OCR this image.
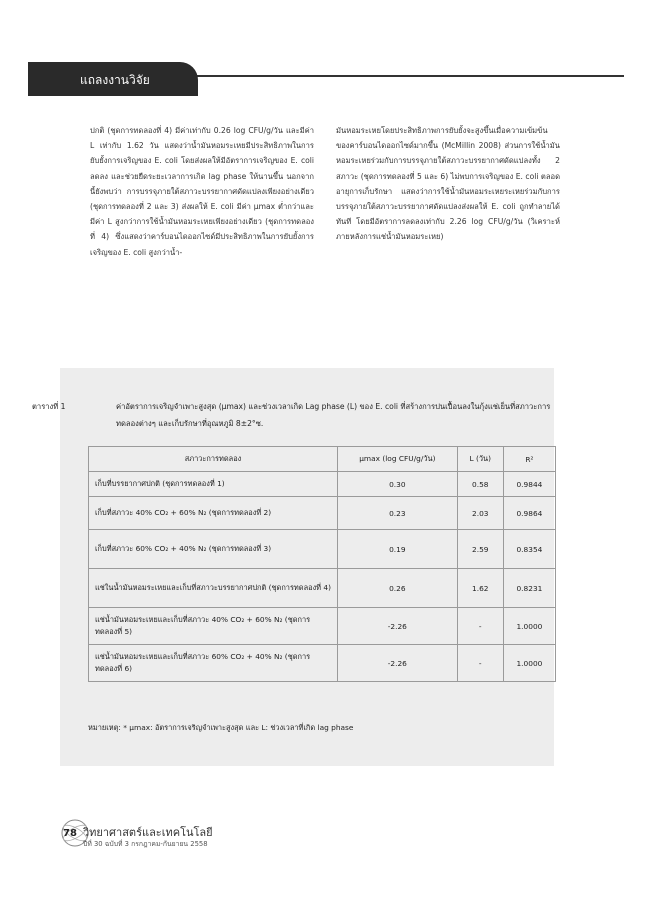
แถลงงานวิจัย
ปกติ (ชุดการทดลองที่ 4) มีค่าเท่ากับ 0.26 log CFU/g/วัน และมีค่า L เท่ากับ 1.62 วัน แสดงว่าน้ำมันหอมระเหยมีประสิทธิภาพในการยับยั้งการเจริญของ E. coli โดยส่งผลให้มีอัตราการเจริญของ E. coli ลดลง และช่วยยืดระยะเวลาการเกิด lag phase ให้นานขึ้น นอกจากนี้ยังพบว่า การบรรจุภายใต้สภาวะบรรยากาศดัดแปลงเพียงอย่างเดียว (ชุดการทดลองที่ 2 และ 3) ส่งผลให้ E. coli มีค่า μmax ต่ำกว่าและมีค่า L สูงกว่าการใช้น้ำมันหอมระเหยเพียงอย่างเดียว (ชุดการทดลองที่ 4) ซึ่งแสดงว่าคาร์บอนไดออกไซด์มีประสิทธิภาพในการยับยั้งการเจริญของ E. coli สูงกว่าน้ำ-
มันหอมระเหยโดยประสิทธิภาพการยับยั้งจะสูงขึ้นเมื่อความเข้มข้นของคาร์บอนไดออกไซด์มากขึ้น (McMillin 2008) ส่วนการใช้น้ำมันหอมระเหยร่วมกับการบรรจุภายใต้สภาวะบรรยากาศดัดแปลงทั้ง 2 สภาวะ (ชุดการทดลองที่ 5 และ 6) ไม่พบการเจริญของ E. coli ตลอดอายุการเก็บรักษา แสดงว่าการใช้น้ำมันหอมระเหยระเหยร่วมกับการบรรจุภายใต้สภาวะบรรยากาศดัดแปลงส่งผลให้ E. coli ถูกทำลายได้ทันที โดยมีอัตราการลดลงเท่ากับ 2.26 log CFU/g/วัน (วิเคราะห์ภายหลังการแช่น้ำมันหอมระเหย)
ตารางที่ 1	ค่าอัตราการเจริญจำเพาะสูงสุด (μmax) และช่วงเวลาเกิด Lag phase (L) ของ E. coli ที่สร้างการปนเปื้อนลงในกุ้งแช่เย็นที่สภาวะการทดลองต่างๆ และเก็บรักษาที่อุณหภูมิ 8±2°ซ.
สภาวะการทดลอง	μmax (log CFU/g/วัน)	L (วัน)	R²
เก็บที่บรรยากาศปกติ (ชุดการทดลองที่ 1)	0.30	0.58	0.9844
เก็บที่สภาวะ 40% CO₂ + 60% N₂ (ชุดการทดลองที่ 2)	0.23	2.03	0.9864
เก็บที่สภาวะ 60% CO₂ + 40% N₂ (ชุดการทดลองที่ 3)	0.19	2.59	0.8354
แช่ในน้ำมันหอมระเหยและเก็บที่สภาวะบรรยากาศปกติ (ชุดการทดลองที่ 4)	0.26	1.62	0.8231
แช่น้ำมันหอมระเหยและเก็บที่สภาวะ 40% CO₂ + 60% N₂ (ชุดการทดลองที่ 5)	-2.26	-	1.0000
แช่น้ำมันหอมระเหยและเก็บที่สภาวะ 60% CO₂ + 40% N₂ (ชุดการทดลองที่ 6)	-2.26	-	1.0000
หมายเหตุ: * μmax: อัตราการเจริญจำเพาะสูงสุด และ L: ช่วงเวลาที่เกิด lag phase
78 วิทยาศาสตร์และเทคโนโลยี
ปีที่ 30 ฉบับที่ 3 กรกฎาคม-กันยายน 2558
